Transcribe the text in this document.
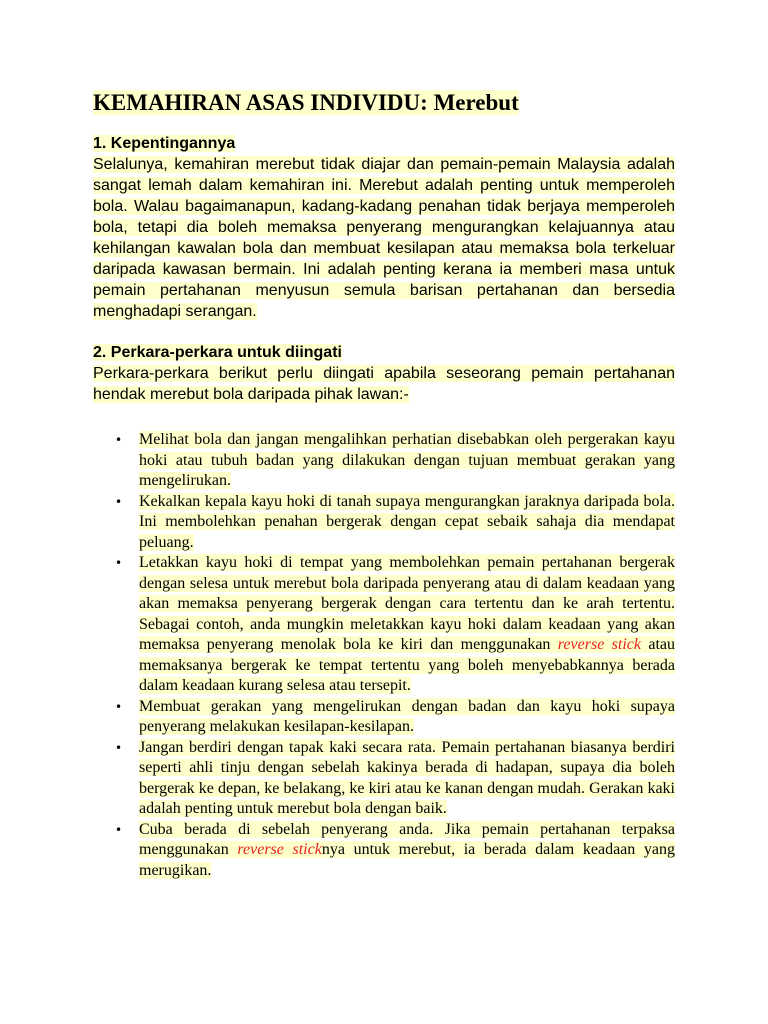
KEMAHIRAN ASAS INDIVIDU: Merebut
1. Kepentingannya

Selalunya, kemahiran merebut tidak diajar dan pemain-pemain Malaysia adalah sangat lemah dalam kemahiran ini. Merebut adalah penting untuk memperoleh bola. Walau bagaimanapun, kadang-kadang penahan tidak berjaya memperoleh bola, tetapi dia boleh memaksa penyerang mengurangkan kelajuannya atau kehilangan kawalan bola dan membuat kesilapan atau memaksa bola terkeluar daripada kawasan bermain. Ini adalah penting kerana ia memberi masa untuk pemain pertahanan menyusun semula barisan pertahanan dan bersedia menghadapi serangan.

2. Perkara-perkara untuk diingati

Perkara-perkara berikut perlu diingati apabila seseorang pemain pertahanan hendak merebut bola daripada pihak lawan:-

• Melihat bola dan jangan mengalihkan perhatian disebabkan oleh pergerakan kayu hoki atau tubuh badan yang dilakukan dengan tujuan membuat gerakan yang mengelirukan.
• Kekalkan kepala kayu hoki di tanah supaya mengurangkan jaraknya daripada bola. Ini membolehkan penahan bergerak dengan cepat sebaik sahaja dia mendapat peluang.
• Letakkan kayu hoki di tempat yang membolehkan pemain pertahanan bergerak dengan selesa untuk merebut bola daripada penyerang atau di dalam keadaan yang akan memaksa penyerang bergerak dengan cara tertentu dan ke arah tertentu. Sebagai contoh, anda mungkin meletakkan kayu hoki dalam keadaan yang akan memaksa penyerang menolak bola ke kiri dan menggunakan reverse stick atau memaksanya bergerak ke tempat tertentu yang boleh menyebabkannya berada dalam keadaan kurang selesa atau tersepit.
• Membuat gerakan yang mengelirukan dengan badan dan kayu hoki supaya penyerang melakukan kesilapan-kesilapan.
• Jangan berdiri dengan tapak kaki secara rata. Pemain pertahanan biasanya berdiri seperti ahli tinju dengan sebelah kakinya berada di hadapan, supaya dia boleh bergerak ke depan, ke belakang, ke kiri atau ke kanan dengan mudah. Gerakan kaki adalah penting untuk merebut bola dengan baik.
• Cuba berada di sebelah penyerang anda. Jika pemain pertahanan terpaksa menggunakan reverse sticknya untuk merebut, ia berada dalam keadaan yang merugikan.
